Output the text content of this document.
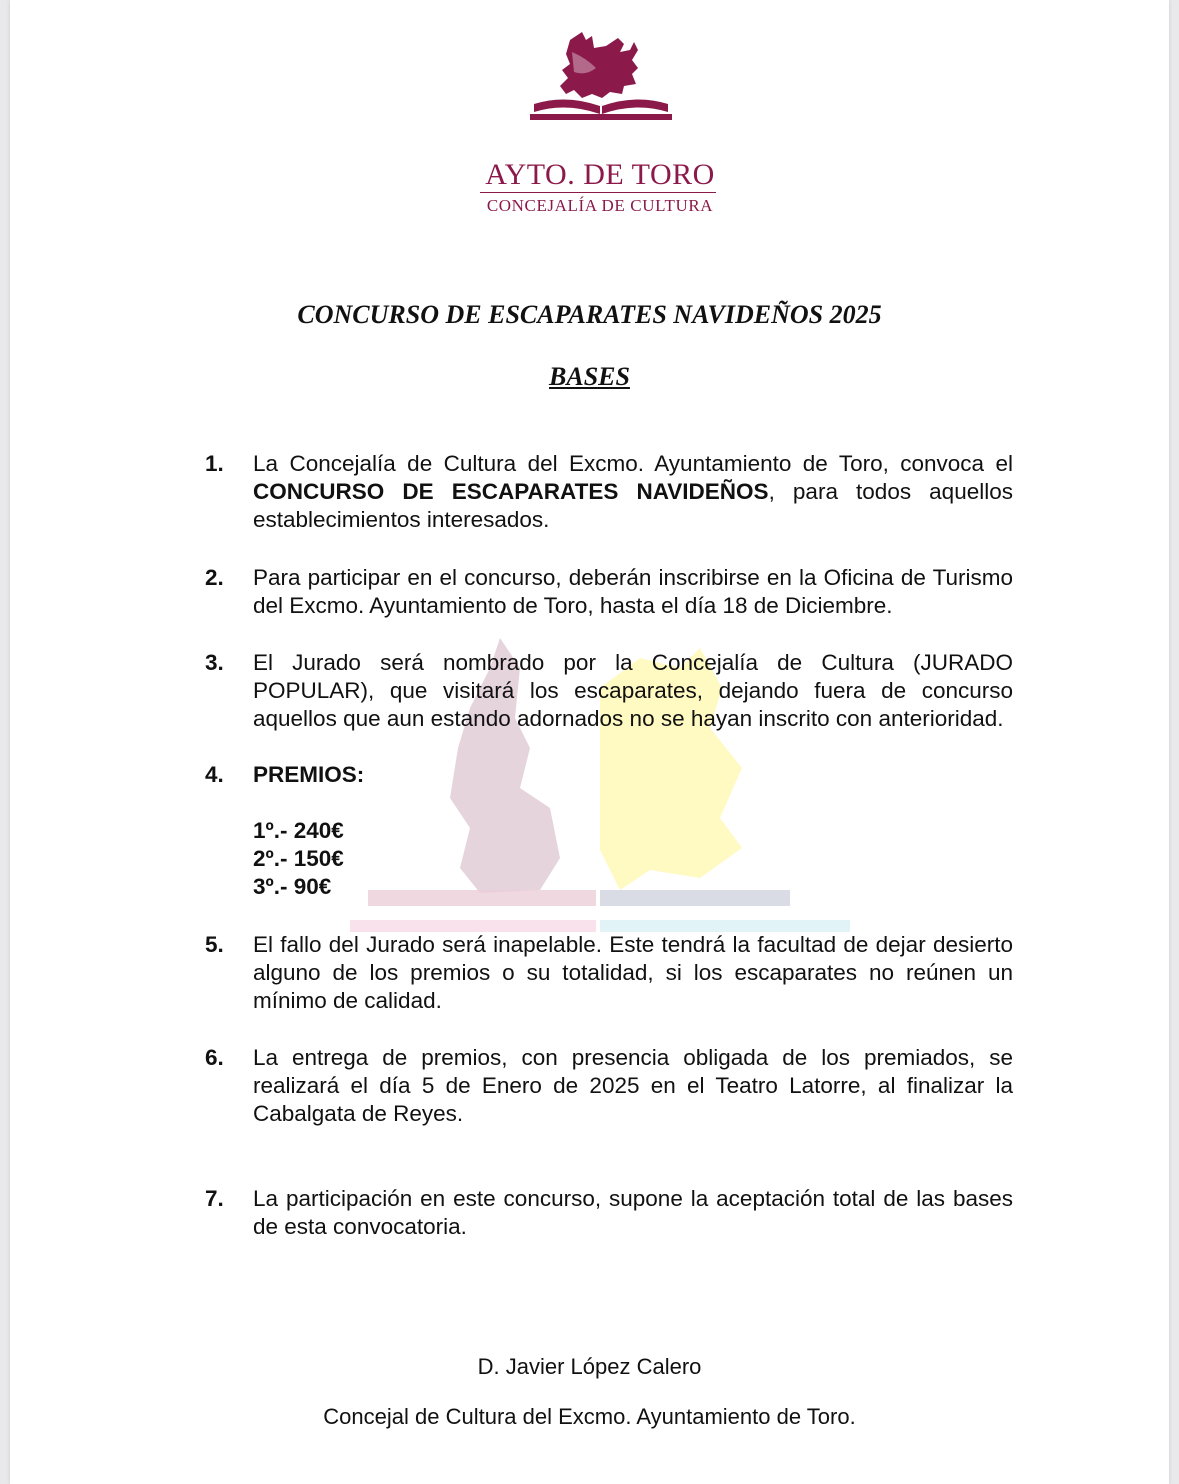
AYTO. DE TORO
CONCEJALÍA DE CULTURA
CONCURSO DE ESCAPARATES NAVIDEÑOS 2025
BASES
1.	La Concejalía de Cultura del Excmo. Ayuntamiento de Toro, convoca el CONCURSO DE ESCAPARATES NAVIDEÑOS, para todos aquellos establecimientos interesados.

2.	Para participar en el concurso, deberán inscribirse en la Oficina de Turismo del Excmo. Ayuntamiento de Toro, hasta el día 18 de Diciembre.

3.	El Jurado será nombrado por la Concejalía de Cultura (JURADO POPULAR), que visitará los escaparates, dejando fuera de concurso aquellos que aun estando adornados no se hayan inscrito con anterioridad.

4.	PREMIOS:
1º.- 240€
2º.- 150€
3º.- 90€
5.	El fallo del Jurado será inapelable. Este tendrá la facultad de dejar desierto alguno de los premios o su totalidad, si los escaparates no reúnen un mínimo de calidad.

6.	La entrega de premios, con presencia obligada de los premiados, se realizará el día 5 de Enero de 2025 en el Teatro Latorre, al finalizar la Cabalgata de Reyes.

7.	La participación en este concurso, supone la aceptación total de las bases de esta convocatoria.

D. Javier López Calero
Concejal de Cultura del Excmo. Ayuntamiento de Toro.
